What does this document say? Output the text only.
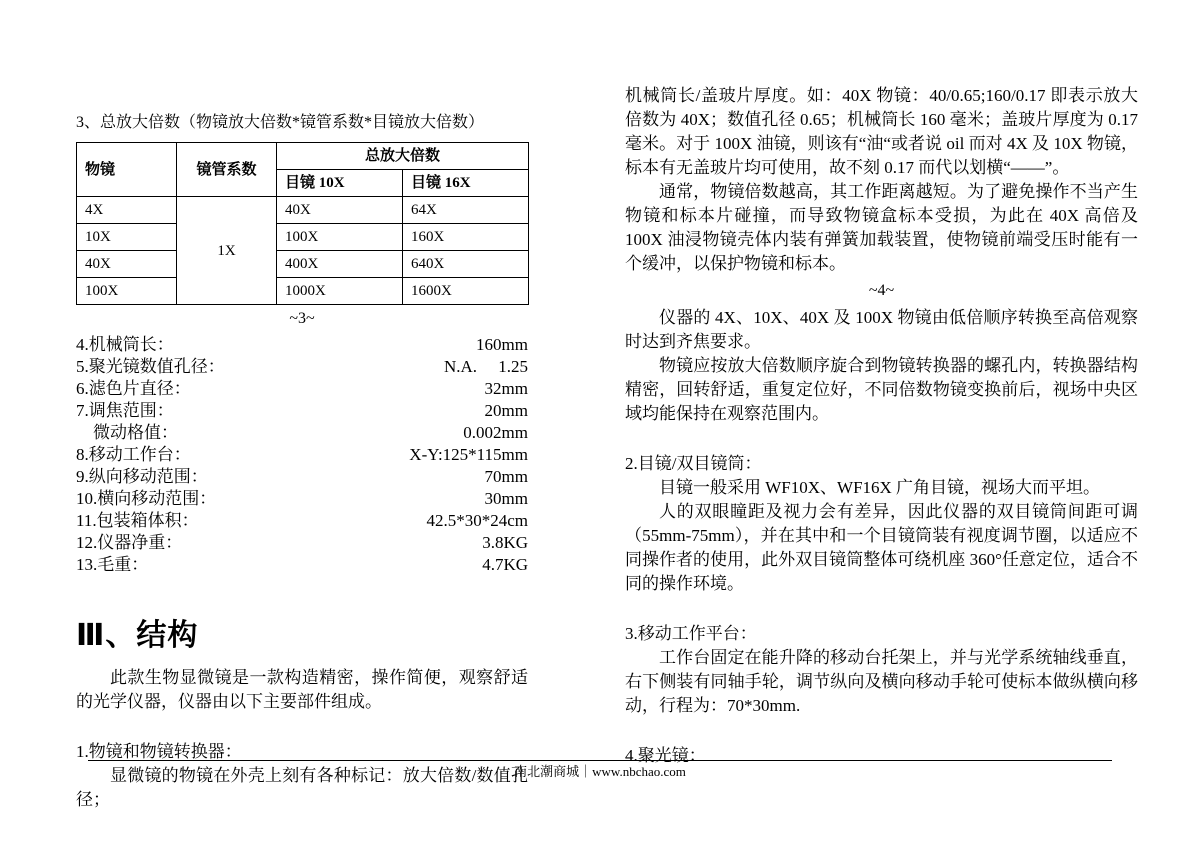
3、总放大倍数（物镜放大倍数*镜管系数*目镜放大倍数）
物镜	镜管系数	总放大倍数	
		目镜 10X	目镜 16X
4X	1X	40X	64X
10X		100X	160X
40X		400X	640X
100X		1000X	1600X
~3~
4.机械筒长：	160mm
5.聚光镜数值孔径：	N.A.　 1.25
6.滤色片直径：	32mm
7.调焦范围：	20mm
微动格值：	0.002mm
8.移动工作台：	X-Y:125*115mm
9.纵向移动范围：	70mm
10.横向移动范围：	30mm
11.包装箱体积：	42.5*30*24cm
12.仪器净重：	3.8KG
13.毛重：	4.7KG
Ⅲ、结构

此款生物显微镜是一款构造精密，操作简便，观察舒适的光学仪器，仪器由以下主要部件组成。

1.物镜和物镜转换器：

显微镜的物镜在外壳上刻有各种标记：放大倍数/数值孔径；

机械筒长/盖玻片厚度。如：40X 物镜：40/0.65;160/0.17 即表示放大倍数为 40X；数值孔径 0.65；机械筒长 160 毫米；盖玻片厚度为 0.17 毫米。对于 100X 油镜，则该有“油“或者说 oil 而对 4X 及 10X 物镜，标本有无盖玻片均可使用，故不刻 0.17 而代以划横“——”。

通常，物镜倍数越高，其工作距离越短。为了避免操作不当产生物镜和标本片碰撞，而导致物镜盒标本受损，为此在 40X 高倍及 100X 油浸物镜壳体内装有弹簧加载装置，使物镜前端受压时能有一个缓冲，以保护物镜和标本。

~4~

仪器的 4X、10X、40X 及 100X 物镜由低倍顺序转换至高倍观察时达到齐焦要求。

物镜应按放大倍数顺序旋合到物镜转换器的螺孔内，转换器结构精密，回转舒适，重复定位好，不同倍数物镜变换前后，视场中央区域均能保持在观察范围内。

2.目镜/双目镜筒：

目镜一般采用 WF10X、WF16X 广角目镜，视场大而平坦。

人的双眼瞳距及视力会有差异，因此仪器的双目镜筒间距可调（55mm-75mm），并在其中和一个目镜筒装有视度调节圈，以适应不同操作者的使用，此外双目镜筒整体可绕机座 360°任意定位，适合不同的操作环境。

3.移动工作平台：

工作台固定在能升降的移动台托架上，并与光学系统轴线垂直，右下侧装有同轴手轮，调节纵向及横向移动手轮可使标本做纵横向移动，行程为：70*30mm.

4.聚光镜：

南北潮商城｜www.nbchao.com
